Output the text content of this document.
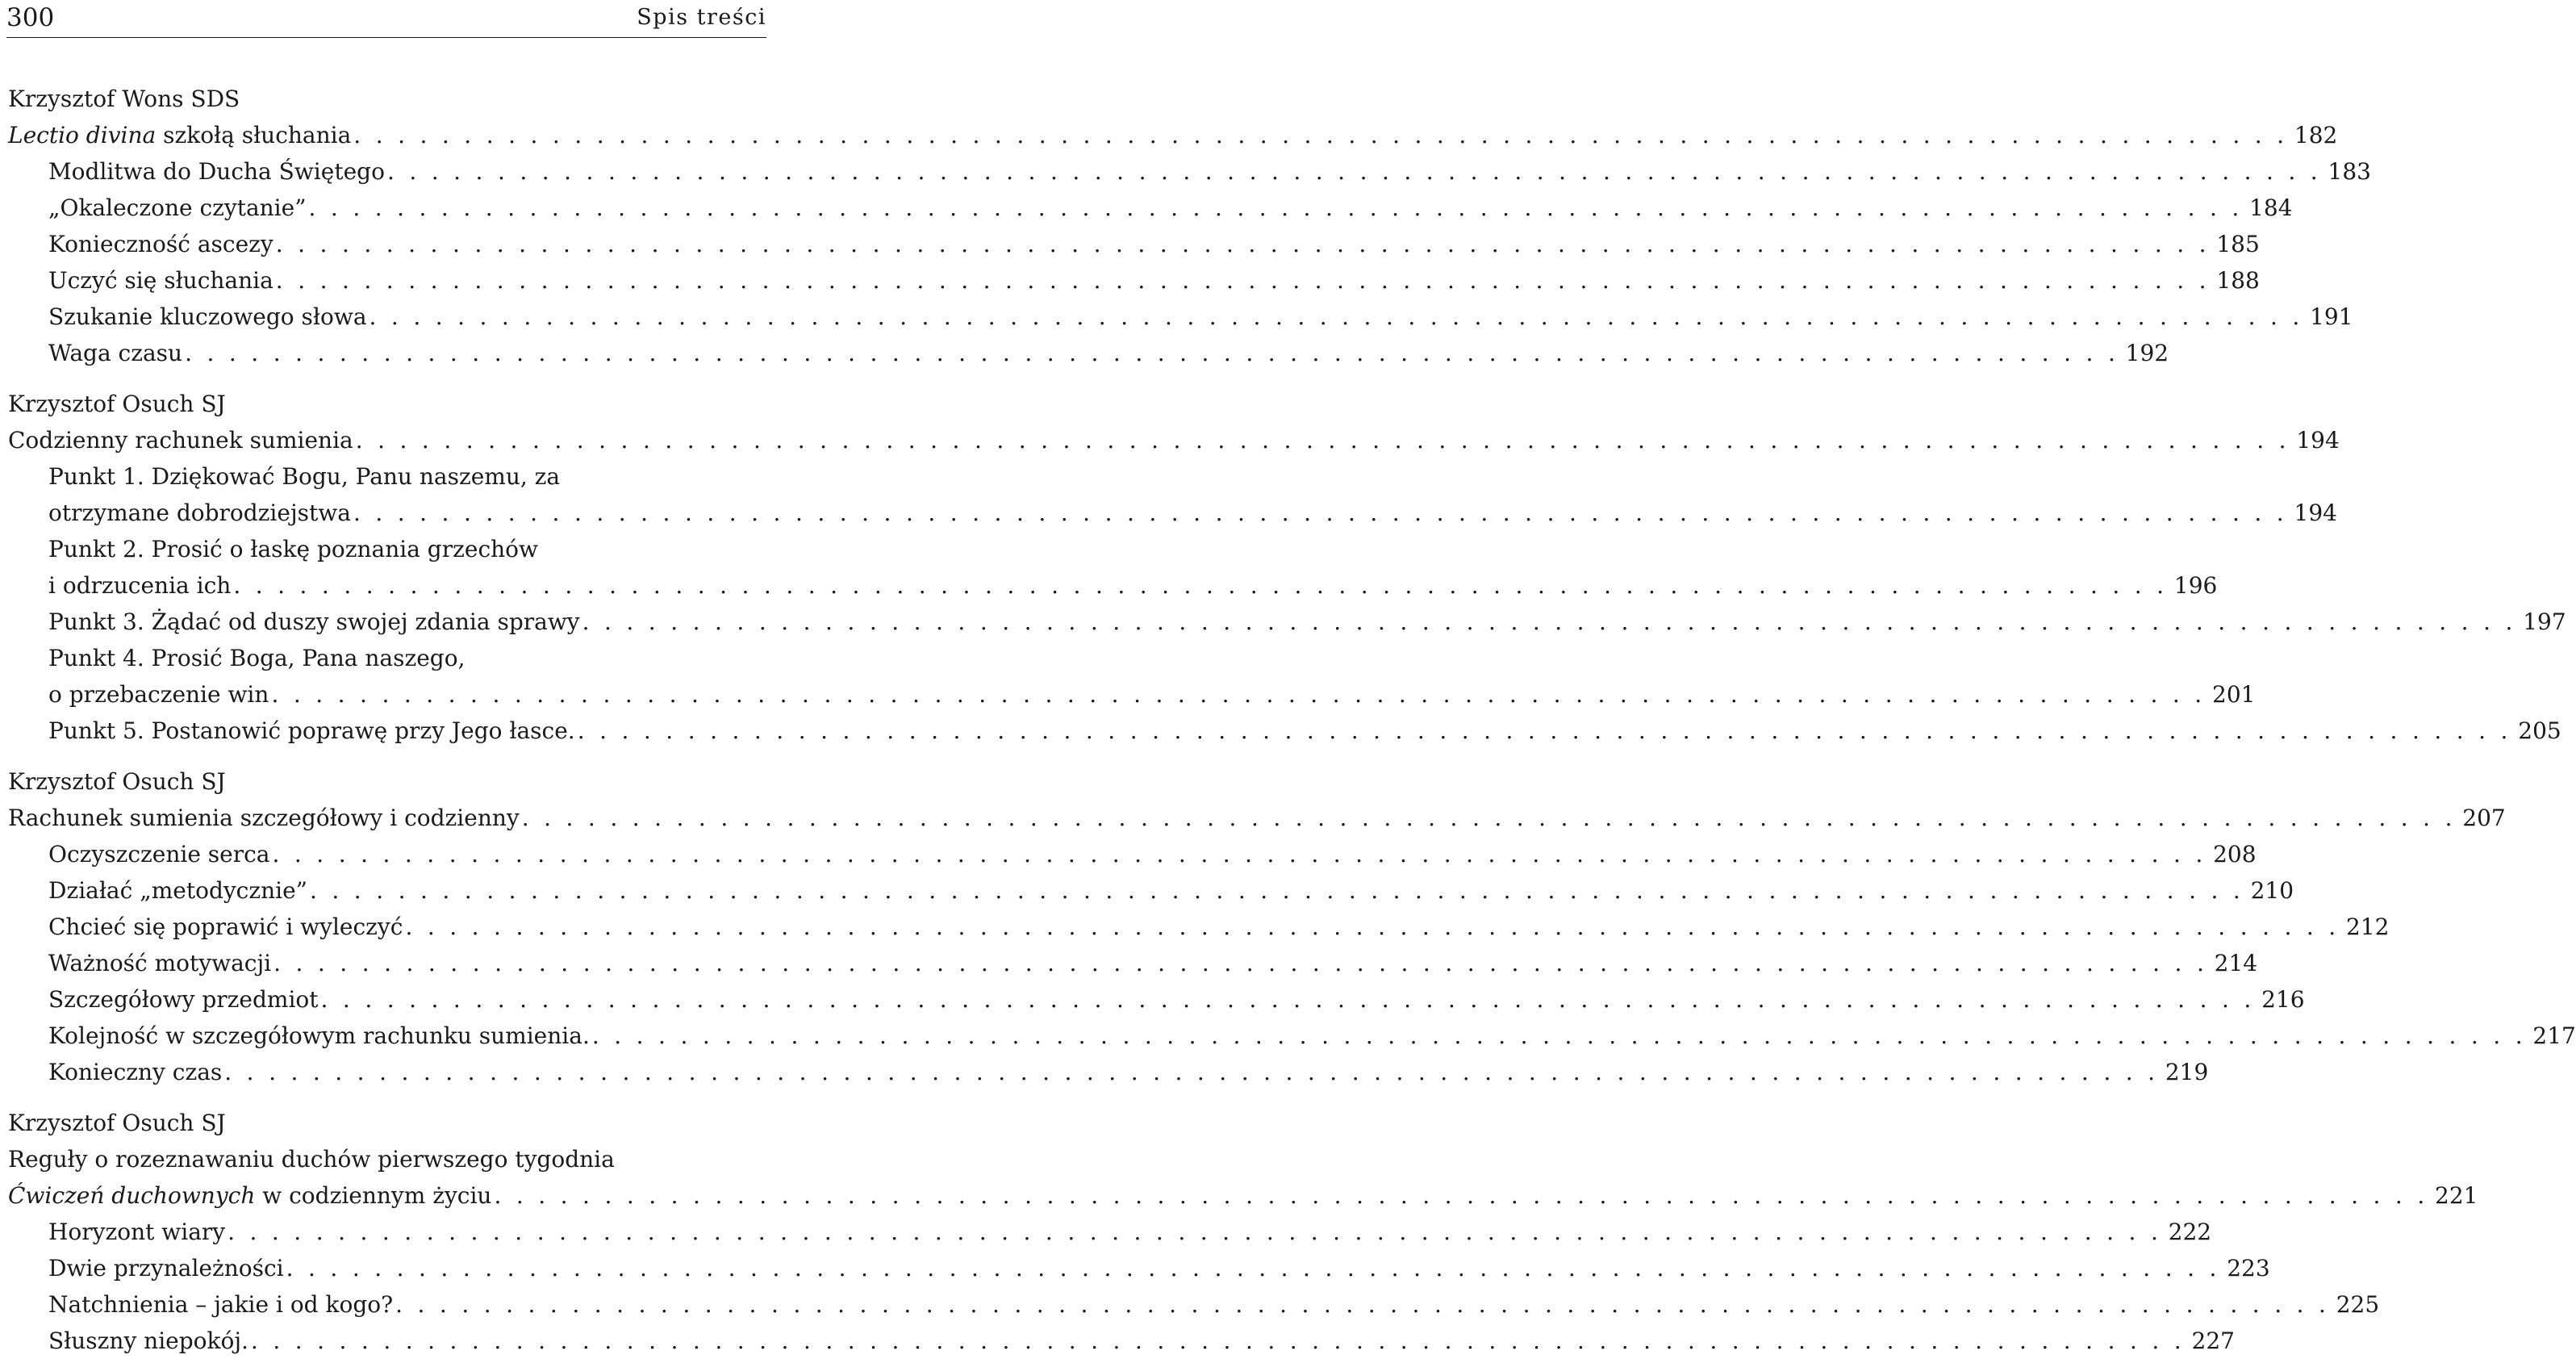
300	Spis treści
Krzysztof Wons SDS
Lectio divina szkołą słuchania . . .	182
Modlitwa do Ducha Świętego . . .	183
„Okaleczone czytanie” . . .	184
Konieczność ascezy . . .	185
Uczyć się słuchania . . .	188
Szukanie kluczowego słowa . . .	191
Waga czasu . . .	192
Krzysztof Osuch SJ
Codzienny rachunek sumienia . . .	194
Punkt 1. Dziękować Bogu, Panu naszemu, za
otrzymane dobrodziejstwa . . .	194
Punkt 2. Prosić o łaskę poznania grzechów
i odrzucenia ich . . .	196
Punkt 3. Żądać od duszy swojej zdania sprawy . . .	197
Punkt 4. Prosić Boga, Pana naszego,
o przebaczenie win . . .	201
Punkt 5. Postanowić poprawę przy Jego łasce. . . .	205
Krzysztof Osuch SJ
Rachunek sumienia szczegółowy i codzienny . . .	207
Oczyszczenie serca . . .	208
Działać „metodycznie” . . .	210
Chcieć się poprawić i wyleczyć . . .	212
Ważność motywacji . . .	214
Szczegółowy przedmiot . . .	216
Kolejność w szczegółowym rachunku sumienia. . . .	217
Konieczny czas . . .	219
Krzysztof Osuch SJ
Reguły o rozeznawaniu duchów pierwszego tygodnia
Ćwiczeń duchownych w codziennym życiu . . .	221
Horyzont wiary . . .	222
Dwie przynależności . . .	223
Natchnienia – jakie i od kogo? . . .	225
Słuszny niepokój. . . .	227
